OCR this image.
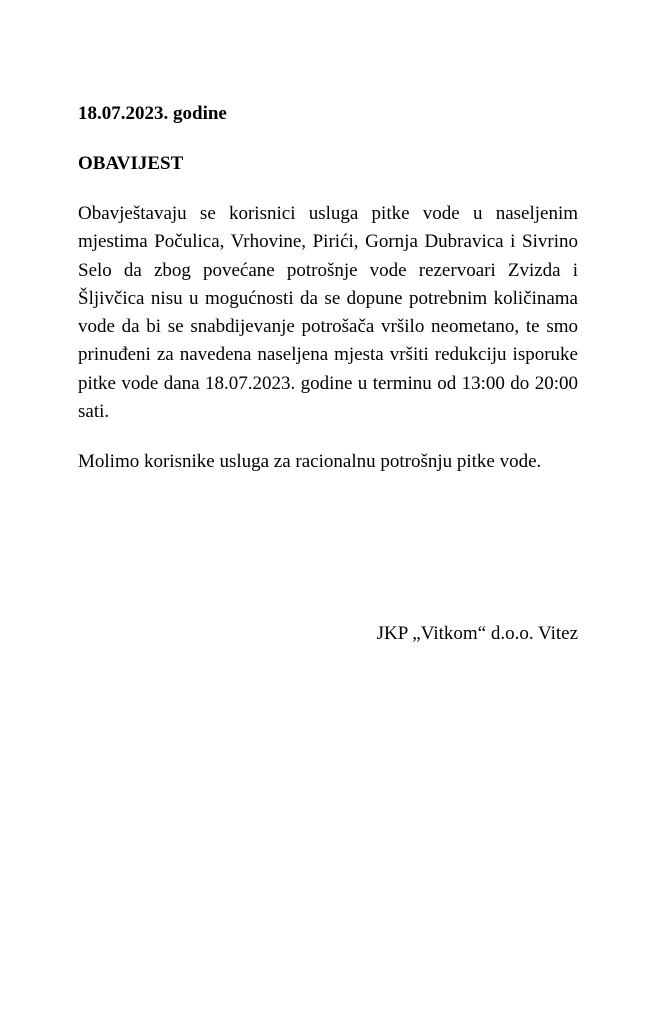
18.07.2023. godine

OBAVIJEST

Obavještavaju se korisnici usluga pitke vode u naseljenim mjestima Počulica, Vrhovine, Pirići, Gornja Dubravica i Sivrino Selo da zbog povećane potrošnje vode rezervoari Zvizda i Šljivčica nisu u mogućnosti da se dopune potrebnim količinama vode da bi se snabdijevanje potrošača vršilo neometano, te smo prinuđeni za navedena naseljena mjesta vršiti redukciju isporuke pitke vode dana 18.07.2023. godine u terminu od 13:00 do 20:00 sati.

Molimo korisnike usluga za racionalnu potrošnju pitke vode.

JKP „Vitkom“ d.o.o. Vitez
